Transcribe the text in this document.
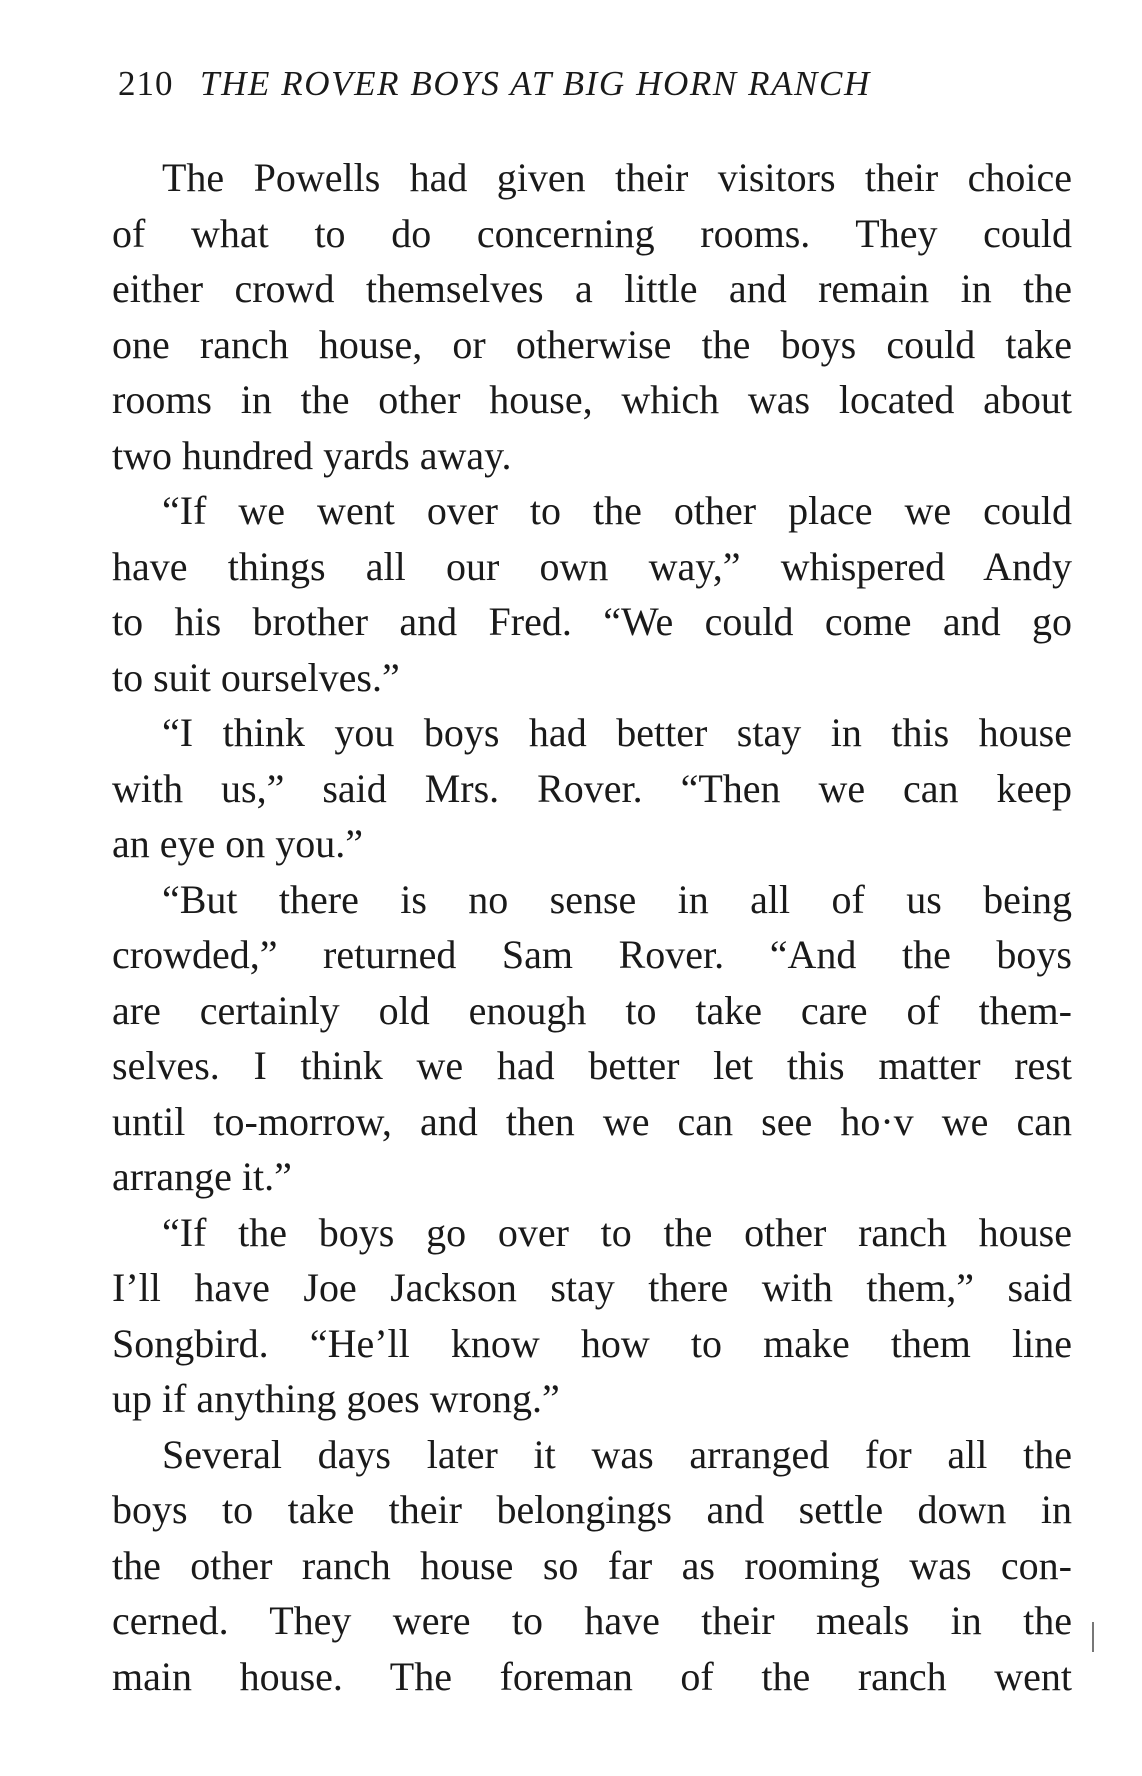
210 THE ROVER BOYS AT BIG HORN RANCH
The Powells had given their visitors their choice
of what to do concerning rooms. They could
either crowd themselves a little and remain in the
one ranch house, or otherwise the boys could take
rooms in the other house, which was located about
two hundred yards away.
“If we went over to the other place we could
have things all our own way,” whispered Andy
to his brother and Fred. “We could come and go
to suit ourselves.”
“I think you boys had better stay in this house
with us,” said Mrs. Rover. “Then we can keep
an eye on you.”
“But there is no sense in all of us being
crowded,” returned Sam Rover. “And the boys
are certainly old enough to take care of them-
selves. I think we had better let this matter rest
until to-morrow, and then we can see ho·v we can
arrange it.”
“If the boys go over to the other ranch house
I’ll have Joe Jackson stay there with them,” said
Songbird. “He’ll know how to make them line
up if anything goes wrong.”
Several days later it was arranged for all the
boys to take their belongings and settle down in
the other ranch house so far as rooming was con-
cerned. They were to have their meals in the
main house. The foreman of the ranch went
